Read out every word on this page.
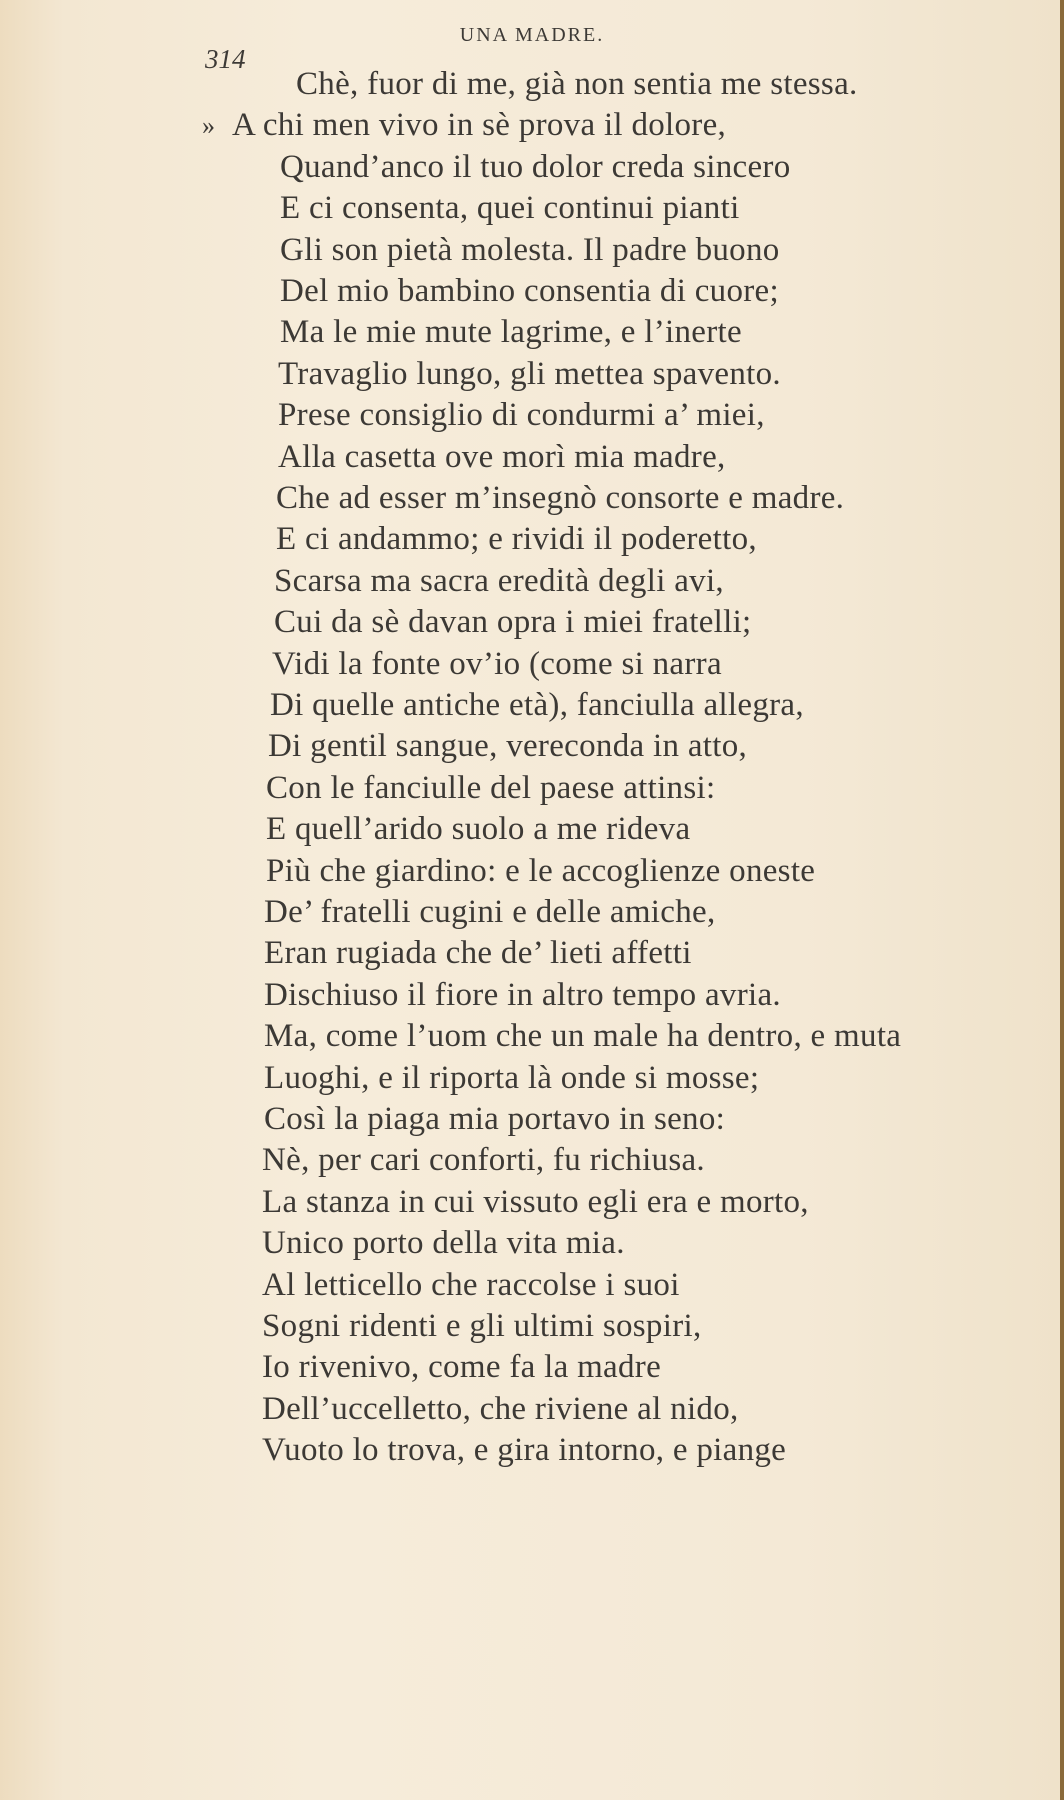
UNA MADRE.
314
»
Chè, fuor di me, già non sentia me stessa.
A chi men vivo in sè prova il dolore,
Quand’anco il tuo dolor creda sincero
E ci consenta, quei continui pianti
Gli son pietà molesta. Il padre buono
Del mio bambino consentia di cuore;
Ma le mie mute lagrime, e l’inerte
Travaglio lungo, gli mettea spavento.
Prese consiglio di condurmi a’ miei,
Alla casetta ove morì mia madre,
Che ad esser m’insegnò consorte e madre.
E ci andammo; e rividi il poderetto,
Scarsa ma sacra eredità degli avi,
Cui da sè davan opra i miei fratelli;
Vidi la fonte ov’io (come si narra
Di quelle antiche età), fanciulla allegra,
Di gentil sangue, vereconda in atto,
Con le fanciulle del paese attinsi:
E quell’arido suolo a me rideva
Più che giardino: e le accoglienze oneste
De’ fratelli cugini e delle amiche,
Eran rugiada che de’ lieti affetti
Dischiuso il fiore in altro tempo avria.
Ma, come l’uom che un male ha dentro, e muta
Luoghi, e il riporta là onde si mosse;
Così la piaga mia portavo in seno:
Nè, per cari conforti, fu richiusa.
La stanza in cui vissuto egli era e morto,
Unico porto della vita mia.
Al letticello che raccolse i suoi
Sogni ridenti e gli ultimi sospiri,
Io rivenivo, come fa la madre
Dell’uccelletto, che riviene al nido,
Vuoto lo trova, e gira intorno, e piange
